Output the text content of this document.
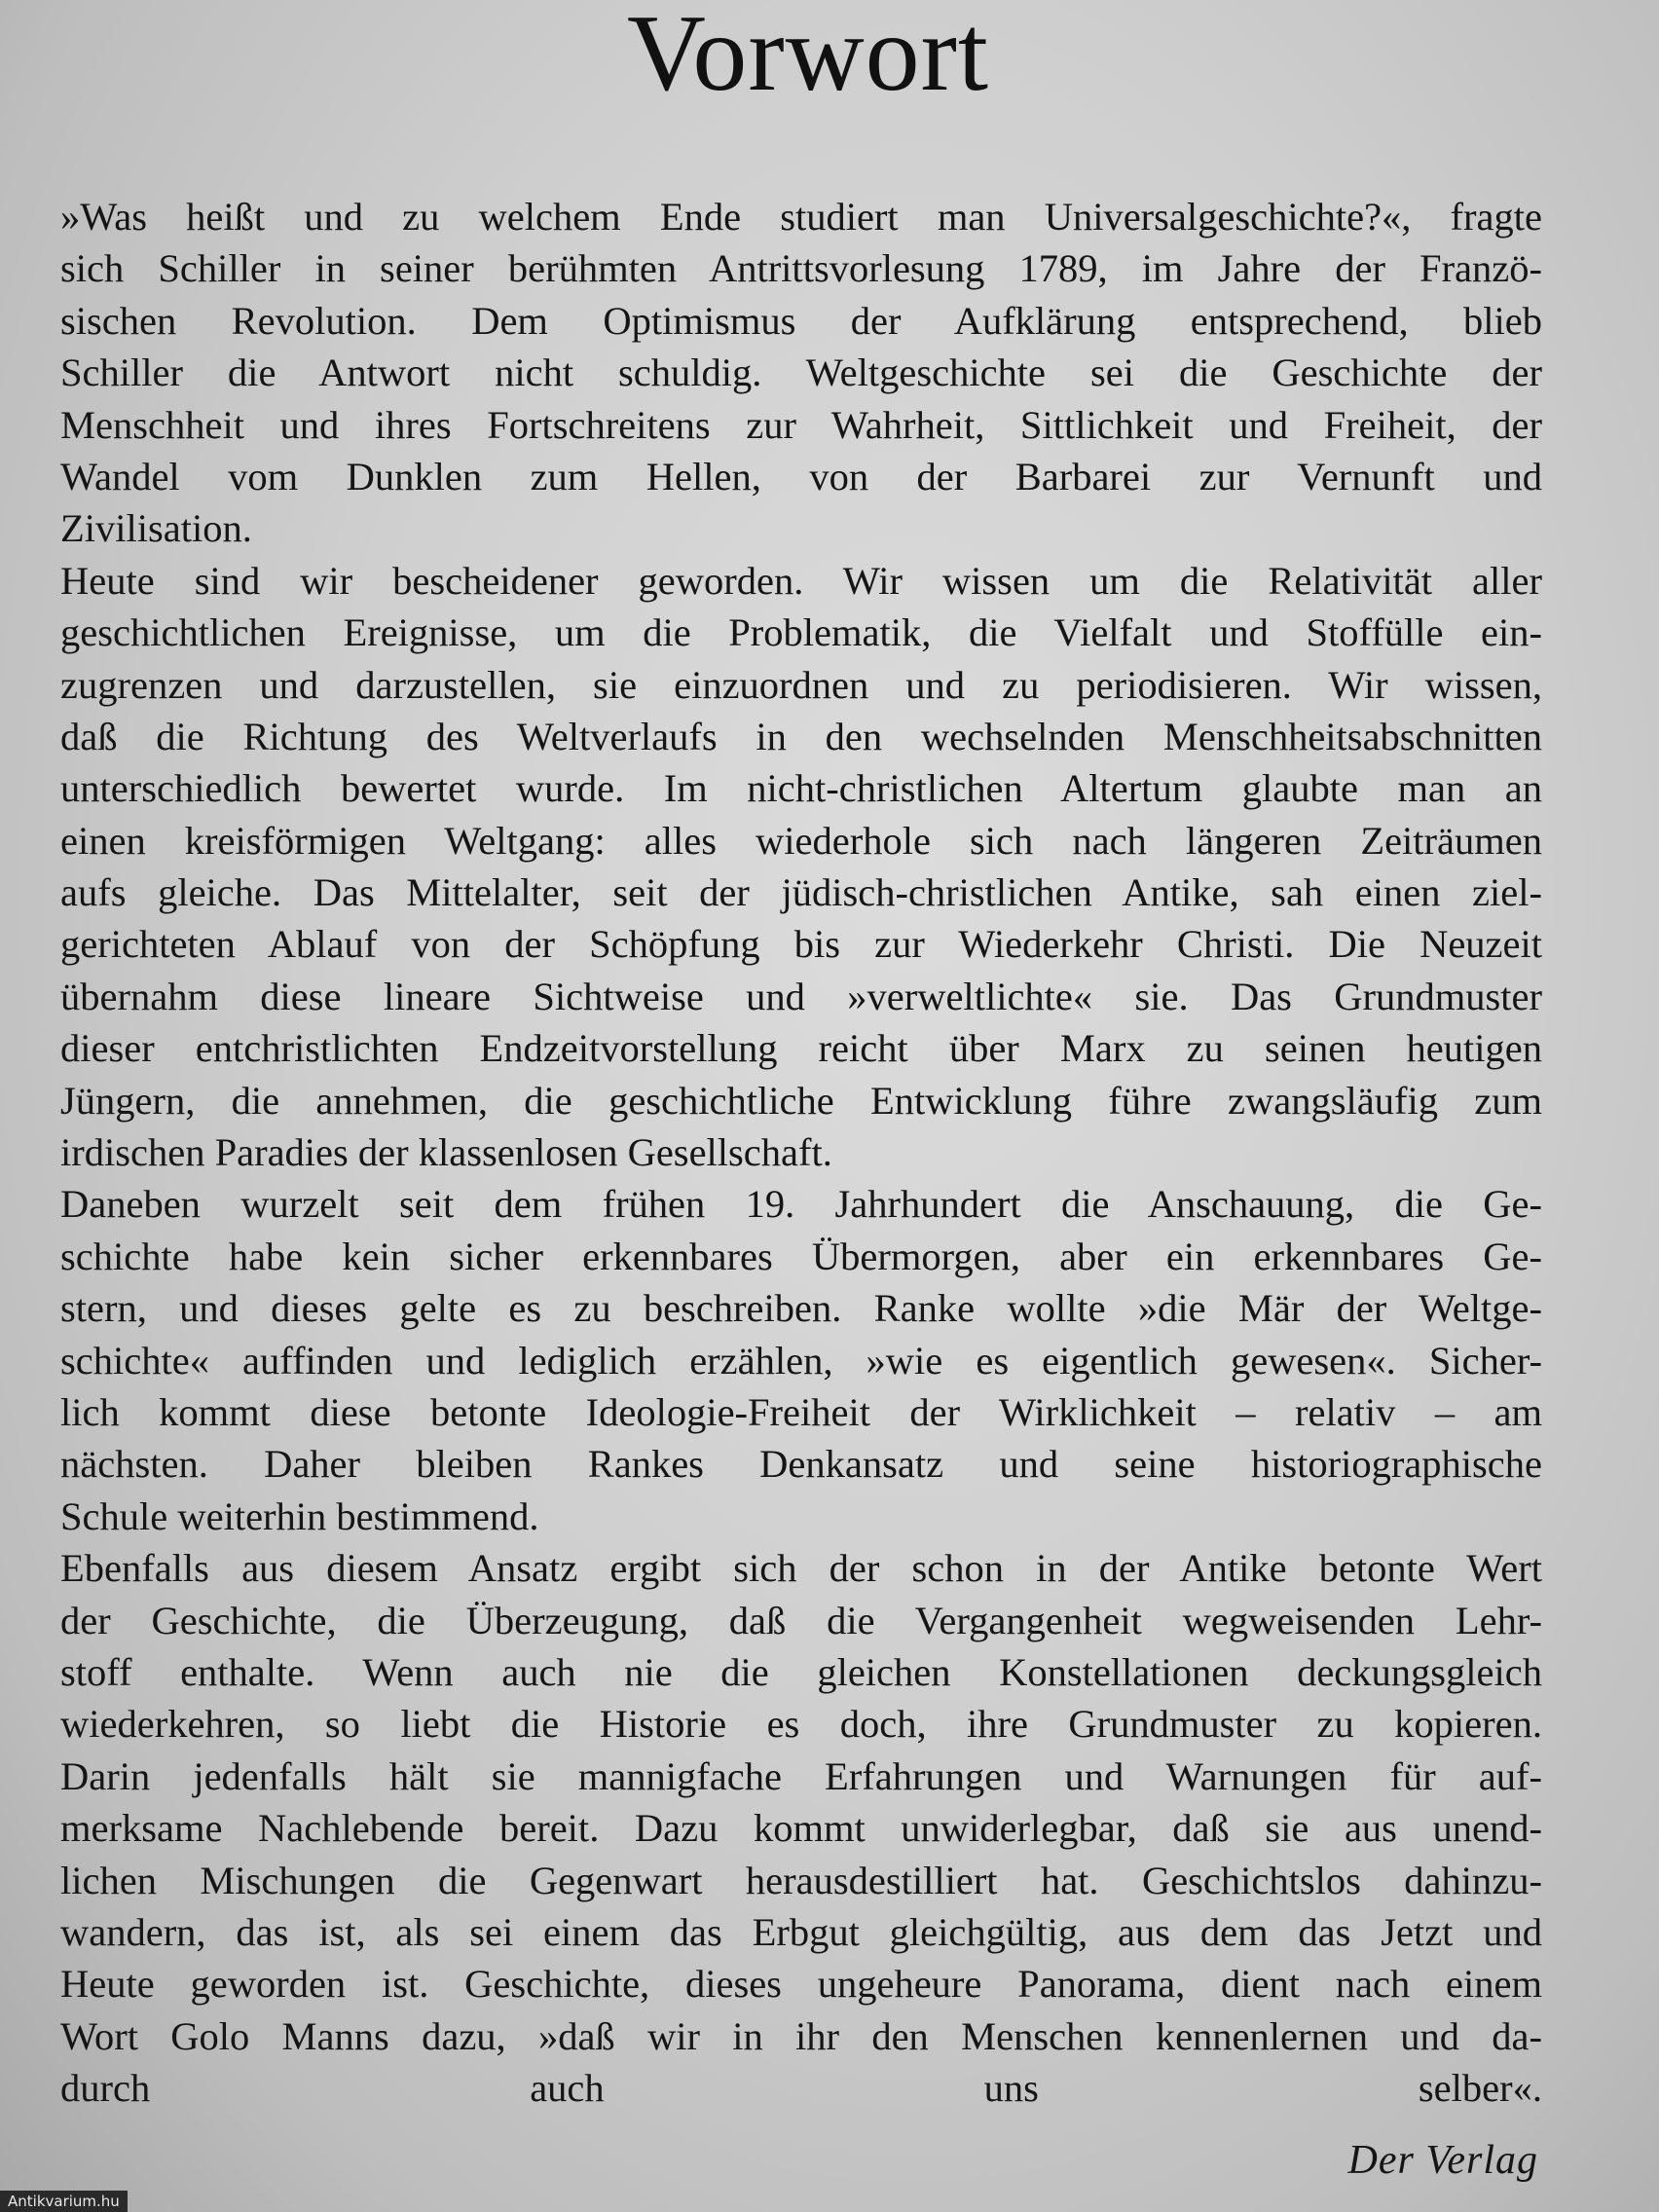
Vorwort
»Was heißt und zu welchem Ende studiert man Universalgeschichte?«, fragte
sich Schiller in seiner berühmten Antrittsvorlesung 1789, im Jahre der Franzö-
sischen Revolution. Dem Optimismus der Aufklärung entsprechend, blieb
Schiller die Antwort nicht schuldig. Weltgeschichte sei die Geschichte der
Menschheit und ihres Fortschreitens zur Wahrheit, Sittlichkeit und Freiheit, der
Wandel vom Dunklen zum Hellen, von der Barbarei zur Vernunft und
Zivilisation.
Heute sind wir bescheidener geworden. Wir wissen um die Relativität aller
geschichtlichen Ereignisse, um die Problematik, die Vielfalt und Stoffülle ein-
zugrenzen und darzustellen, sie einzuordnen und zu periodisieren. Wir wissen,
daß die Richtung des Weltverlaufs in den wechselnden Menschheitsabschnitten
unterschiedlich bewertet wurde. Im nicht-christlichen Altertum glaubte man an
einen kreisförmigen Weltgang: alles wiederhole sich nach längeren Zeiträumen
aufs gleiche. Das Mittelalter, seit der jüdisch-christlichen Antike, sah einen ziel-
gerichteten Ablauf von der Schöpfung bis zur Wiederkehr Christi. Die Neuzeit
übernahm diese lineare Sichtweise und »verweltlichte« sie. Das Grundmuster
dieser entchristlichten Endzeitvorstellung reicht über Marx zu seinen heutigen
Jüngern, die annehmen, die geschichtliche Entwicklung führe zwangsläufig zum
irdischen Paradies der klassenlosen Gesellschaft.
Daneben wurzelt seit dem frühen 19. Jahrhundert die Anschauung, die Ge-
schichte habe kein sicher erkennbares Übermorgen, aber ein erkennbares Ge-
stern, und dieses gelte es zu beschreiben. Ranke wollte »die Mär der Weltge-
schichte« auffinden und lediglich erzählen, »wie es eigentlich gewesen«. Sicher-
lich kommt diese betonte Ideologie-Freiheit der Wirklichkeit – relativ – am
nächsten. Daher bleiben Rankes Denkansatz und seine historiographische
Schule weiterhin bestimmend.
Ebenfalls aus diesem Ansatz ergibt sich der schon in der Antike betonte Wert
der Geschichte, die Überzeugung, daß die Vergangenheit wegweisenden Lehr-
stoff enthalte. Wenn auch nie die gleichen Konstellationen deckungsgleich
wiederkehren, so liebt die Historie es doch, ihre Grundmuster zu kopieren.
Darin jedenfalls hält sie mannigfache Erfahrungen und Warnungen für auf-
merksame Nachlebende bereit. Dazu kommt unwiderlegbar, daß sie aus unend-
lichen Mischungen die Gegenwart herausdestilliert hat. Geschichtslos dahinzu-
wandern, das ist, als sei einem das Erbgut gleichgültig, aus dem das Jetzt und
Heute geworden ist. Geschichte, dieses ungeheure Panorama, dient nach einem
Wort Golo Manns dazu, »daß wir in ihr den Menschen kennenlernen und da-
durch auch uns selber«.
Der Verlag
Antikvarium.hu
